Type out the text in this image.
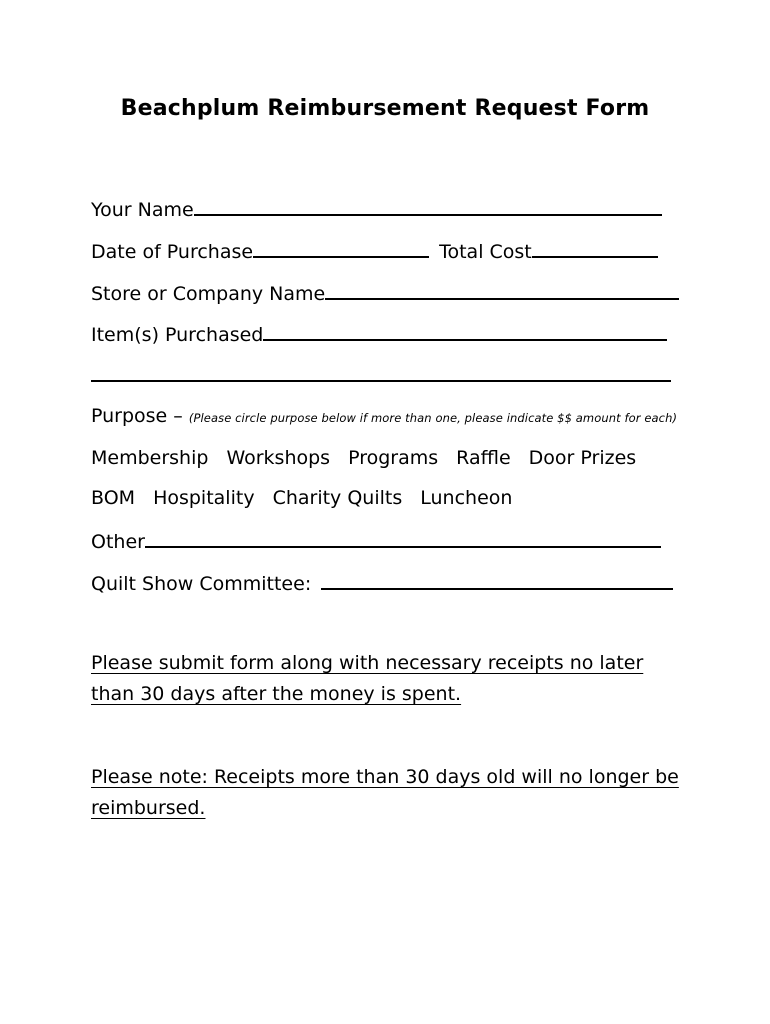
Beachplum Reimbursement Request Form
Your Name
Date of Purchase	Total Cost
Store or Company Name
Item(s) Purchased
Purpose – (Please circle purpose below if more than one, please indicate $$ amount for each)
Membership Workshops Programs Raffle Door Prizes
BOM Hospitality Charity Quilts Luncheon
Other
Quilt Show Committee:
Please submit form along with necessary receipts no later than 30 days after the money is spent.
Please note: Receipts more than 30 days old will no longer be reimbursed.
